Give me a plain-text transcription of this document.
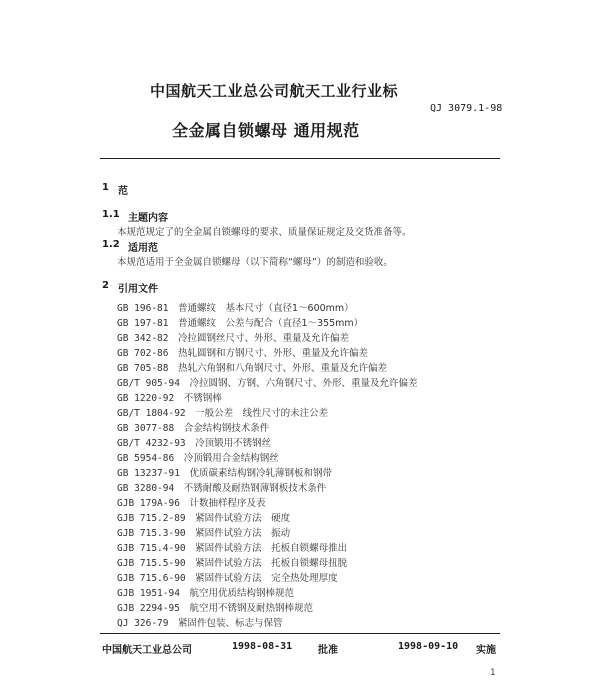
中国航天工业总公司航天工业行业标
QJ 3079.1-98
全金属自锁螺母 通用规范
1 范
1.1 主题内容
本规范规定了的全金属自锁螺母的要求、质量保证规定及交货准备等。
1.2 适用范
本规范适用于全金属自锁螺母（以下简称“螺母”）的制造和验收。
2 引用文件
GB 196-81　 普通螺纹　基本尺寸（直径1～600mm）
GB 197-81　 普通螺纹　公差与配合（直径1～355mm）
GB 342-82　 冷拉圆钢丝尺寸、外形、重量及允许偏差
GB 702-86　 热轧圆钢和方钢尺寸、外形、重量及允许偏差
GB 705-88　 热轧六角钢和八角钢尺寸、外形、重量及允许偏差
GB/T 905-94　 冷拉圆钢、方钢、六角钢尺寸、外形、重量及允许偏差
GB 1220-92　 不锈钢棒
GB/T 1804-92　 一般公差　线性尺寸的未注公差
GB 3077-88　 合金结构钢技术条件
GB/T 4232-93　 冷顶锻用不锈钢丝
GB 5954-86　 冷顶锻用合金结构钢丝
GB 13237-91　 优质碳素结构钢冷轧薄钢板和钢带
GB 3280-94　 不锈耐酸及耐热钢薄钢板技术条件
GJB 179A-96　 计数抽样程序及表
GJB 715.2-89　 紧固件试验方法　硬度
GJB 715.3-90　 紧固件试验方法　振动
GJB 715.4-90　 紧固件试验方法　托板自锁螺母推出
GJB 715.5-90　 紧固件试验方法　托板自锁螺母扭脱
GJB 715.6-90　 紧固件试验方法　完全热处理厚度
GJB 1951-94　 航空用优质结构钢棒规范
GJB 2294-95　 航空用不锈钢及耐热钢棒规范
QJ 326-79　 紧固件包装、标志与保管
中国航天工业总公司	1998-08-31	批准	1998-09-10 实施
1
